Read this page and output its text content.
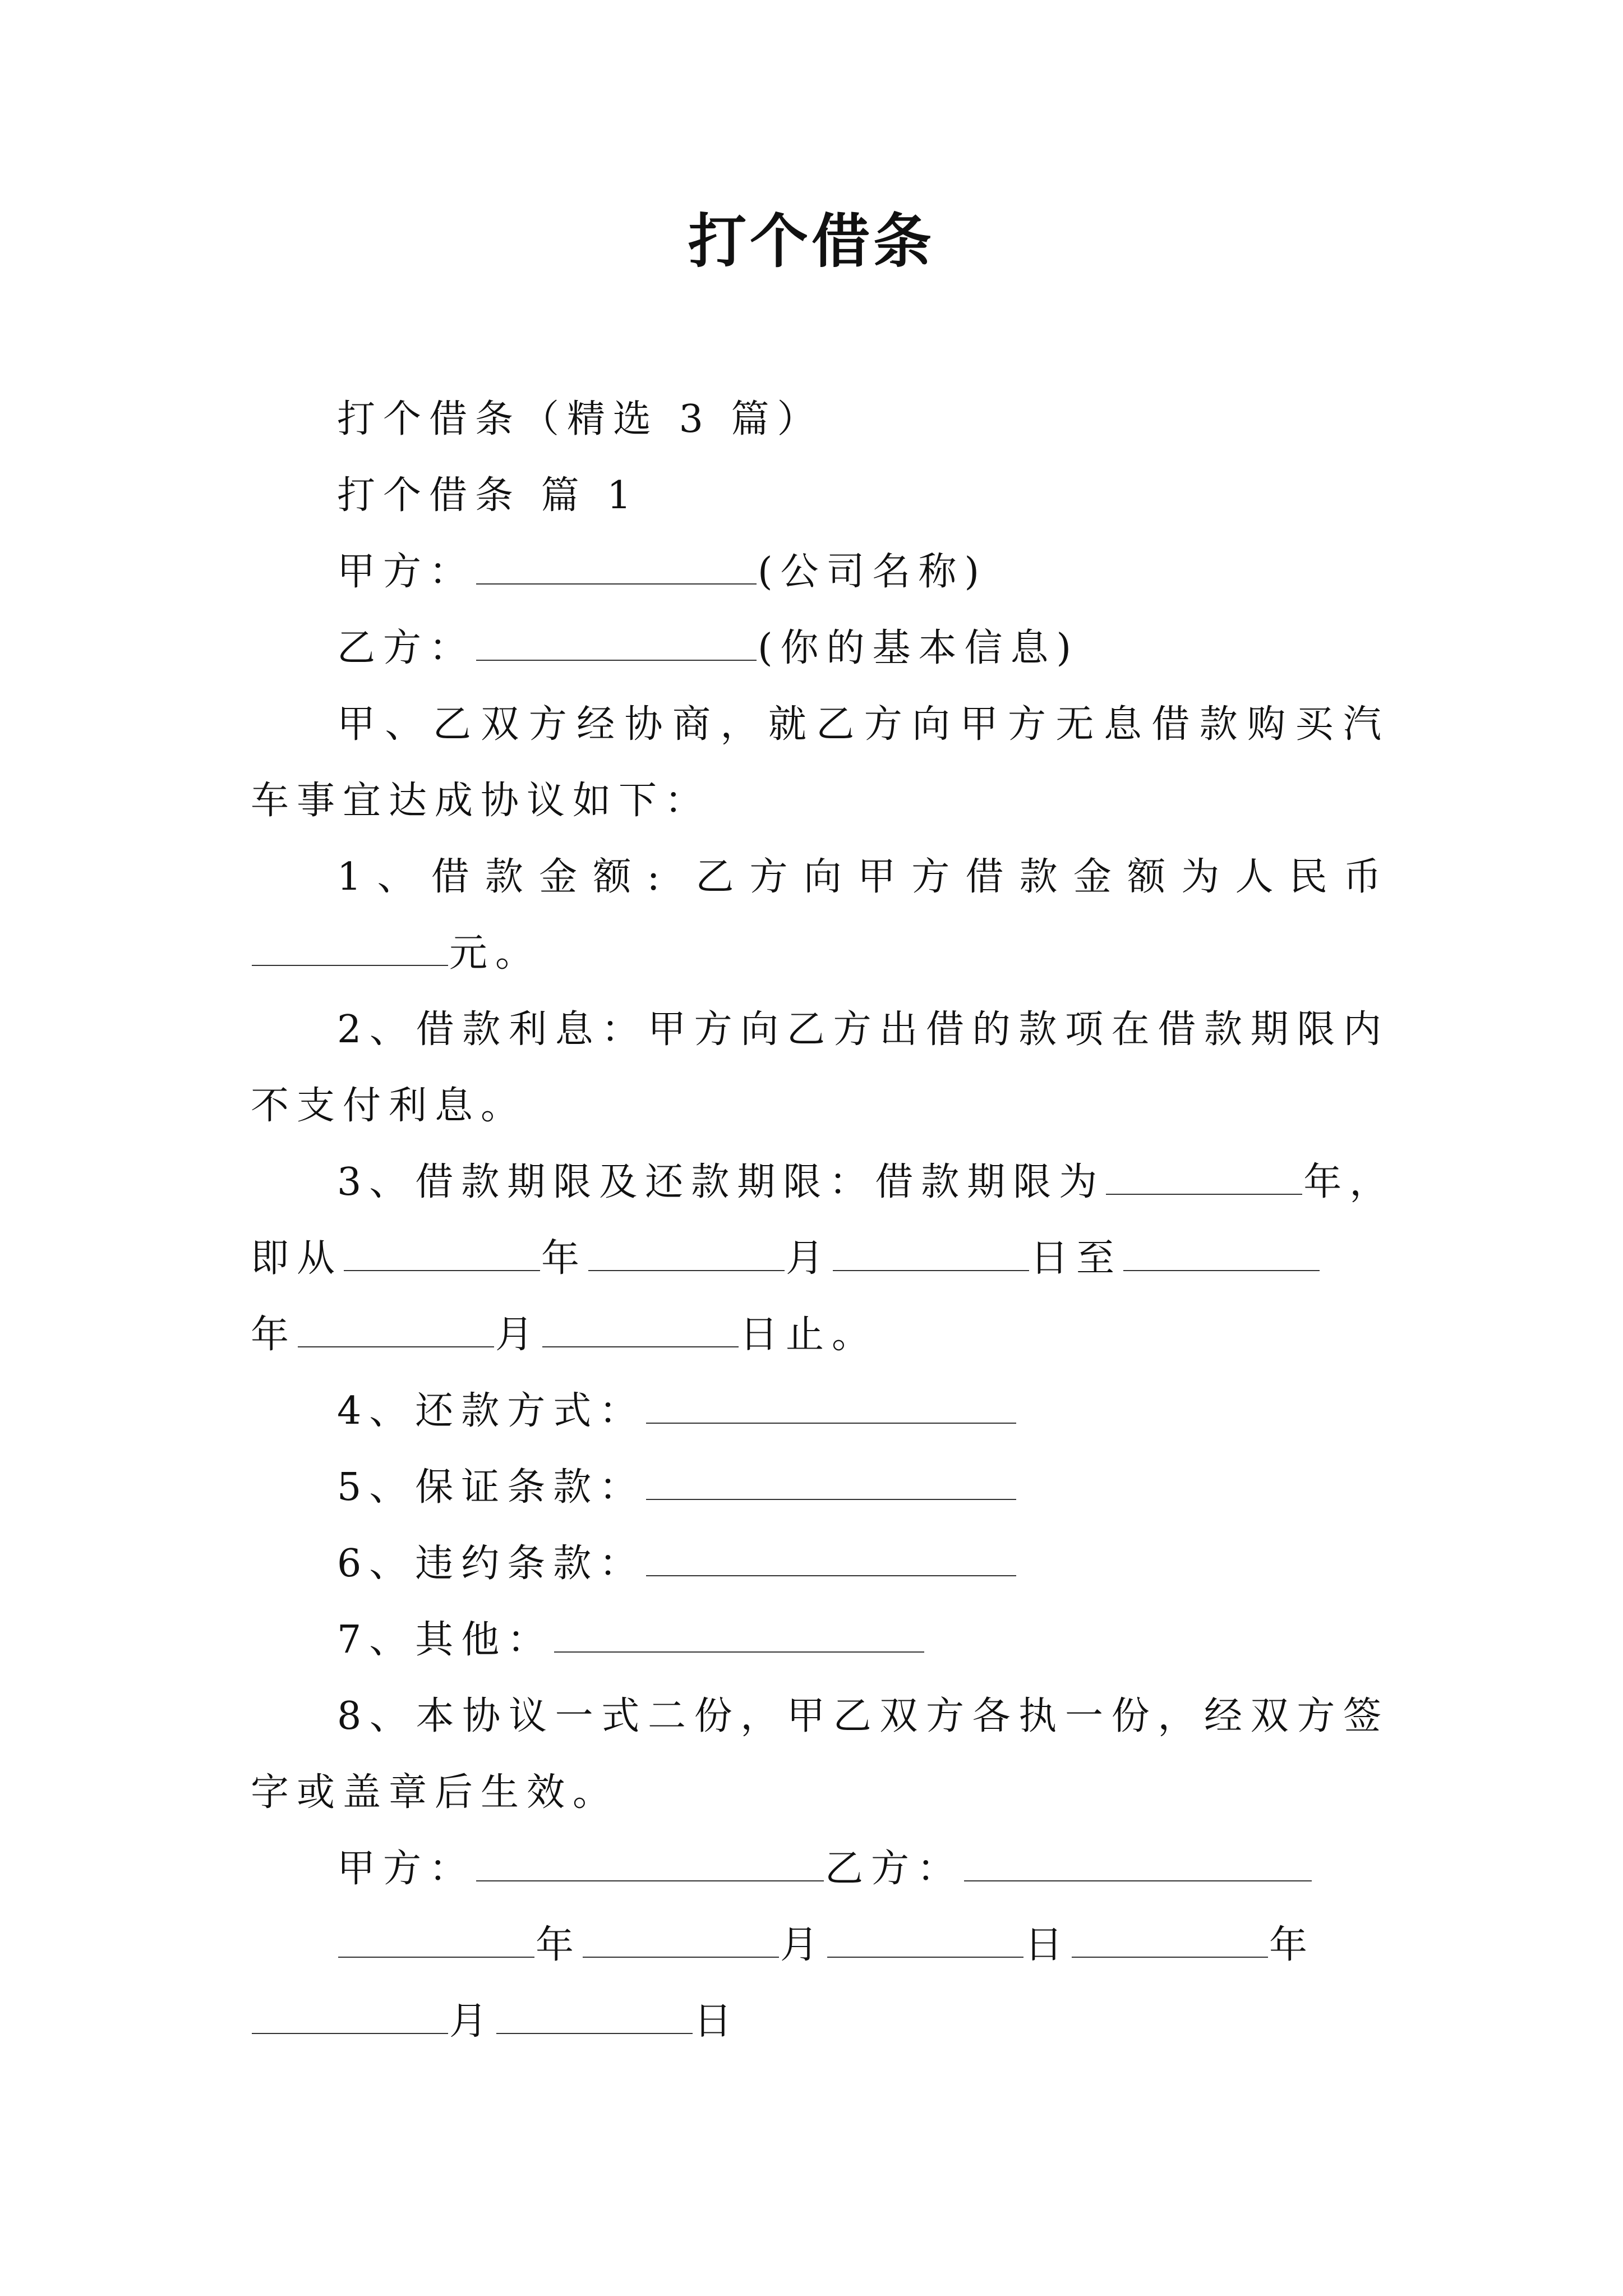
打个借条

打个借条（精选 3 篇）

打个借条 篇 1

甲方：	(公司名称)

乙方：	(你的基本信息)

甲、乙双方经协商，就乙方向甲方无息借款购买汽车事宜达成协议如下：

1、借款金额: 乙方向甲方借款金额为人民币元。

2、借款利息：甲方向乙方出借的款项在借款期限内不支付利息。

3、借款期限及还款期限：借款期限为	年，

即从	年	月	日至

年	月	日止。

4、还款方式：

5、保证条款：

6、违约条款：

7、其他：

8、本协议一式二份，甲乙双方各执一份，经双方签字或盖章后生效。

甲方：	乙方：

年	月	日	年

月	日
